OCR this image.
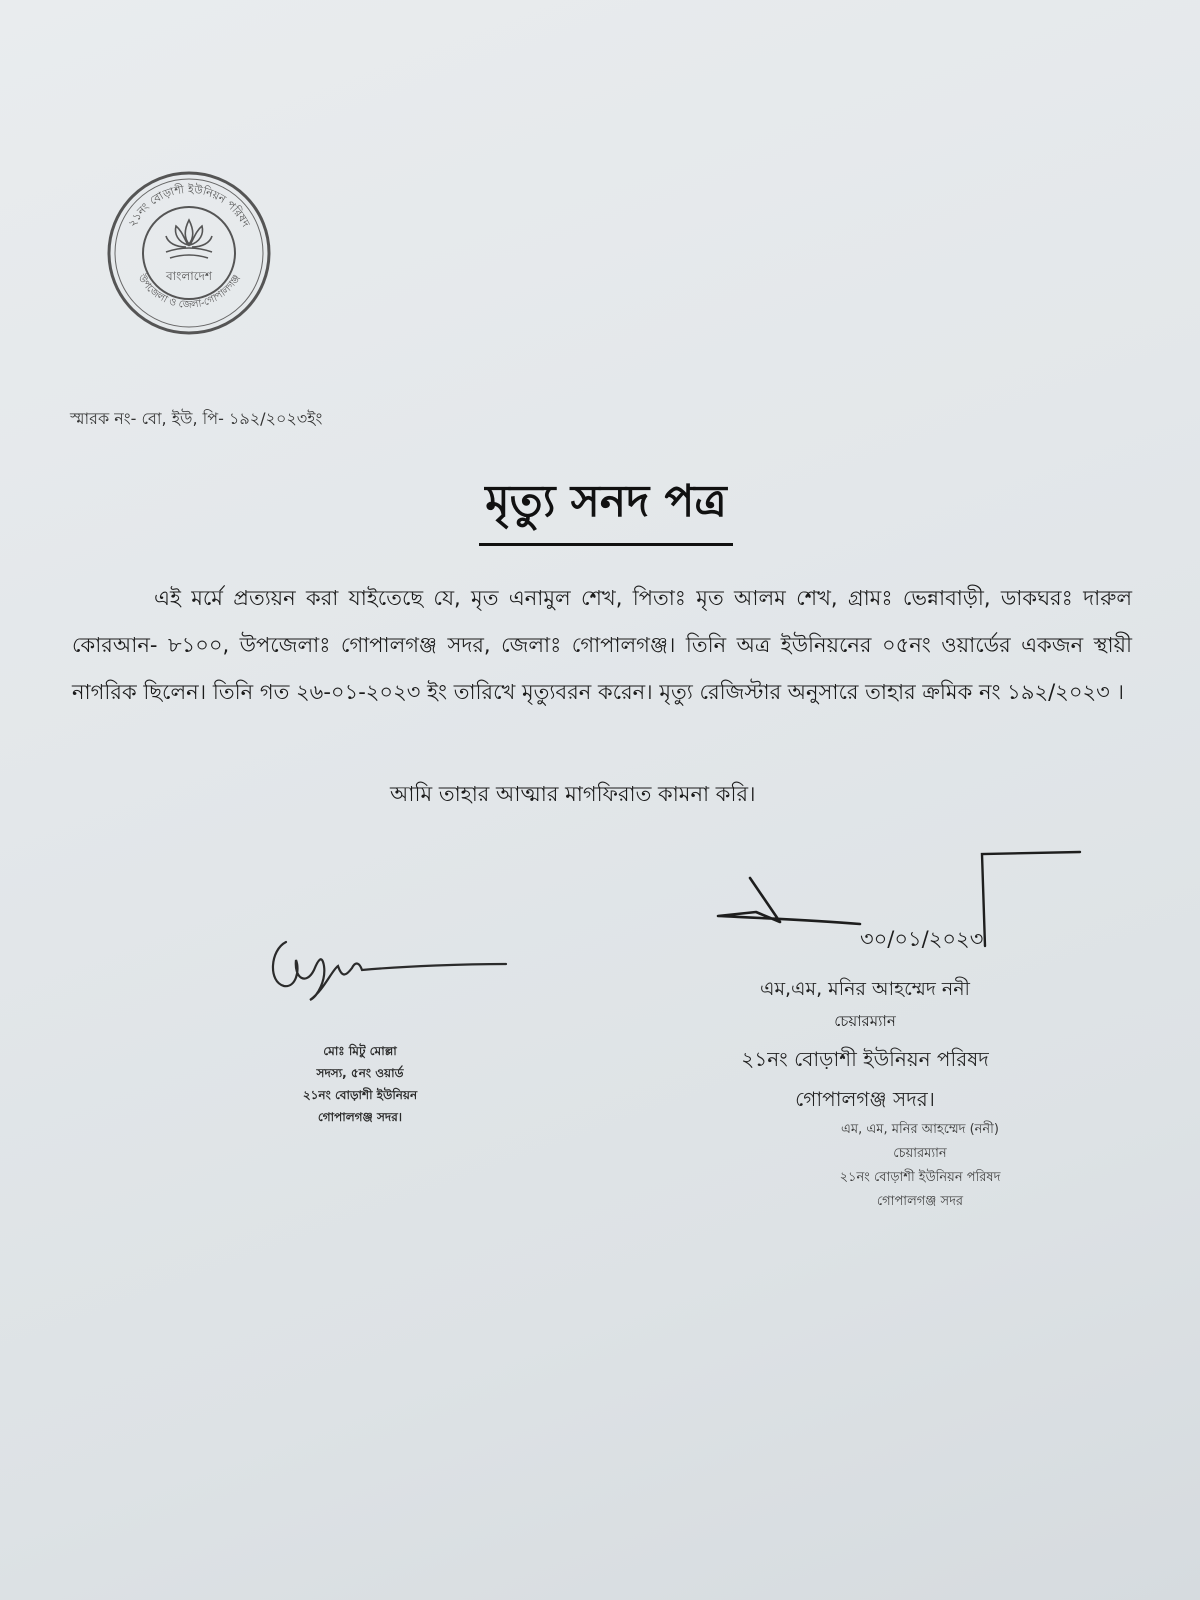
২১নং বোড়াশী ইউনিয়ন পরিষদ
উপজেলা ও জেলা-গোপালগঞ্জ
বাংলাদেশ
স্মারক নং- বো, ইউ, পি- ১৯২/২০২৩ইং
মৃত্যু সনদ পত্র
এই মর্মে প্রত্যয়ন করা যাইতেছে যে, মৃত এনামুল শেখ, পিতাঃ মৃত আলম শেখ, গ্রামঃ ভেন্নাবাড়ী, ডাকঘরঃ দারুল কোরআন- ৮১০০, উপজেলাঃ গোপালগঞ্জ সদর, জেলাঃ গোপালগঞ্জ। তিনি অত্র ইউনিয়নের ০৫নং ওয়ার্ডের একজন স্থায়ী নাগরিক ছিলেন। তিনি গত ২৬-০১-২০২৩ ইং তারিখে মৃত্যুবরন করেন। মৃত্যু রেজিস্টার অনুসারে তাহার ক্রমিক নং ১৯২/২০২৩ ।
আমি তাহার আত্মার মাগফিরাত কামনা করি।
মোঃ মিটু মোল্লা
সদস্য, ৫নং ওয়ার্ড
২১নং বোড়াশী ইউনিয়ন
গোপালগঞ্জ সদর।
৩০/০১/২০২৩
এম,এম, মনির আহম্মেদ ননী
চেয়ারম্যান
২১নং বোড়াশী ইউনিয়ন পরিষদ
গোপালগঞ্জ সদর।
এম, এম, মনির আহম্মেদ (ননী)
চেয়ারম্যান
২১নং বোড়াশী ইউনিয়ন পরিষদ
গোপালগঞ্জ সদর
